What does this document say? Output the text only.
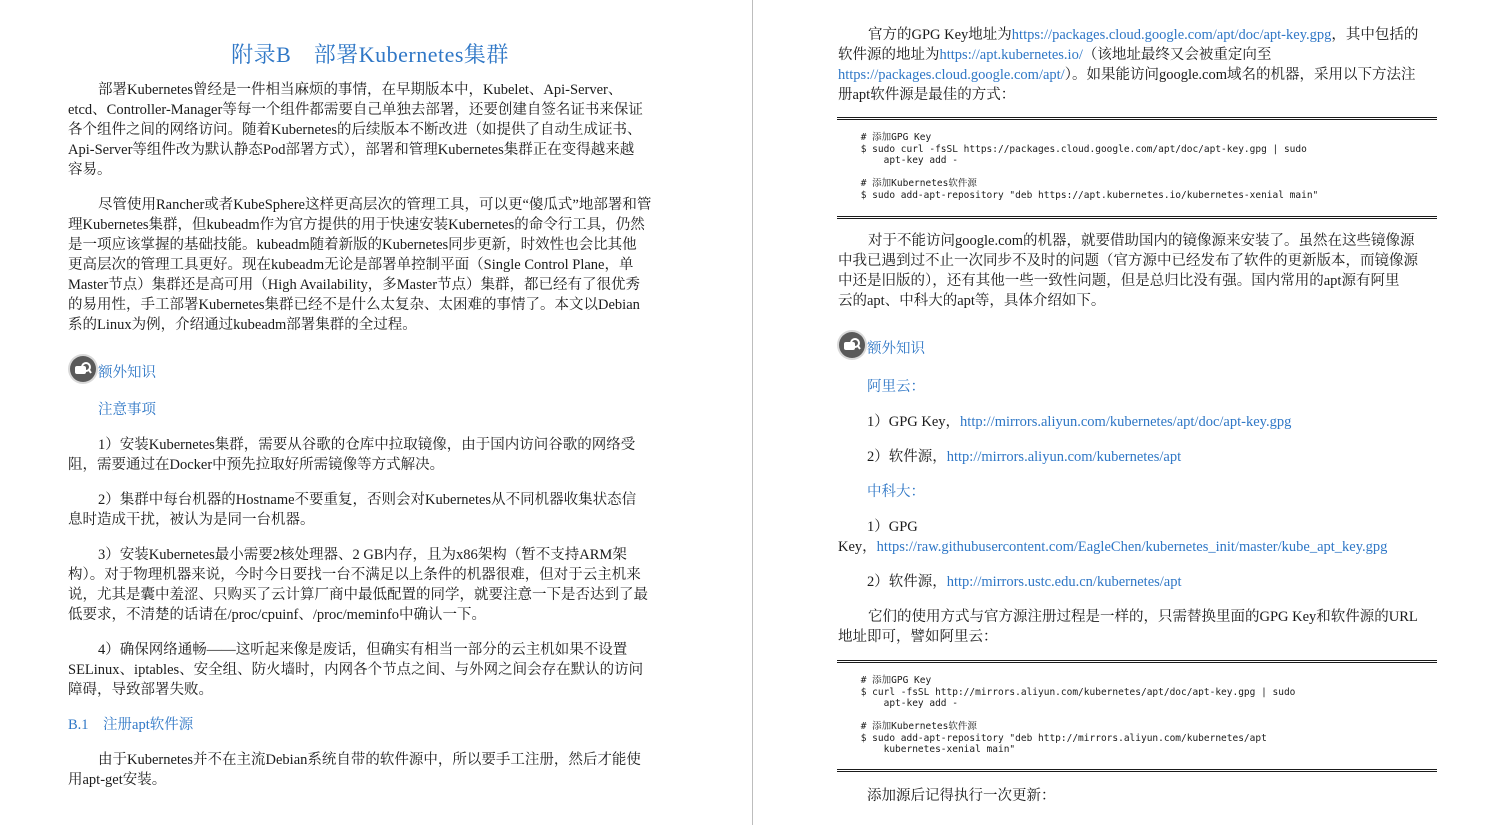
附录B　部署Kubernetes集群
部署Kubernetes曾经是一件相当麻烦的事情，在早期版本中，Kubelet、Api-Server、
etcd、Controller-Manager等每一个组件都需要自己单独去部署，还要创建自签名证书来保证
各个组件之间的网络访问。随着Kubernetes的后续版本不断改进（如提供了自动生成证书、
Api-Server等组件改为默认静态Pod部署方式），部署和管理Kubernetes集群正在变得越来越
容易。
尽管使用Rancher或者KubeSphere这样更高层次的管理工具，可以更“傻瓜式”地部署和管
理Kubernetes集群，但kubeadm作为官方提供的用于快速安装Kubernetes的命令行工具，仍然
是一项应该掌握的基础技能。kubeadm随着新版的Kubernetes同步更新，时效性也会比其他
更高层次的管理工具更好。现在kubeadm无论是部署单控制平面（Single Control Plane，单
Master节点）集群还是高可用（High Availability，多Master节点）集群，都已经有了很优秀
的易用性，手工部署Kubernetes集群已经不是什么太复杂、太困难的事情了。本文以Debian
系的Linux为例，介绍通过kubeadm部署集群的全过程。
额外知识
注意事项
1）安装Kubernetes集群，需要从谷歌的仓库中拉取镜像，由于国内访问谷歌的网络受
阻，需要通过在Docker中预先拉取好所需镜像等方式解决。
2）集群中每台机器的Hostname不要重复，否则会对Kubernetes从不同机器收集状态信
息时造成干扰，被认为是同一台机器。
3）安装Kubernetes最小需要2核处理器、2 GB内存，且为x86架构（暂不支持ARM架
构）。对于物理机器来说，今时今日要找一台不满足以上条件的机器很难，但对于云主机来
说，尤其是囊中羞涩、只购买了云计算厂商中最低配置的同学，就要注意一下是否达到了最
低要求，不清楚的话请在/proc/cpuinf、/proc/meminfo中确认一下。
4）确保网络通畅——这听起来像是废话，但确实有相当一部分的云主机如果不设置
SELinux、iptables、安全组、防火墙时，内网各个节点之间、与外网之间会存在默认的访问
障碍，导致部署失败。
B.1　注册apt软件源
由于Kubernetes并不在主流Debian系统自带的软件源中，所以要手工注册，然后才能使
用apt-get安装。
官方的GPG Key地址为https://packages.cloud.google.com/apt/doc/apt-key.gpg，其中包括的
软件源的地址为https://apt.kubernetes.io/（该地址最终又会被重定向至
https://packages.cloud.google.com/apt/）。如果能访问google.com域名的机器，采用以下方法注
册apt软件源是最佳的方式：
# 添加GPG Key
$ sudo curl -fsSL https://packages.cloud.google.com/apt/doc/apt-key.gpg | sudo
apt-key add -

# 添加Kubernetes软件源
$ sudo add-apt-repository "deb https://apt.kubernetes.io/kubernetes-xenial main"
对于不能访问google.com的机器，就要借助国内的镜像源来安装了。虽然在这些镜像源
中我已遇到过不止一次同步不及时的问题（官方源中已经发布了软件的更新版本，而镜像源
中还是旧版的），还有其他一些一致性问题，但是总归比没有强。国内常用的apt源有阿里
云的apt、中科大的apt等，具体介绍如下。
额外知识
阿里云：
1）GPG Key，http://mirrors.aliyun.com/kubernetes/apt/doc/apt-key.gpg
2）软件源，http://mirrors.aliyun.com/kubernetes/apt
中科大：
1）GPG
Key，https://raw.githubusercontent.com/EagleChen/kubernetes_init/master/kube_apt_key.gpg
2）软件源，http://mirrors.ustc.edu.cn/kubernetes/apt
它们的使用方式与官方源注册过程是一样的，只需替换里面的GPG Key和软件源的URL
地址即可，譬如阿里云：
# 添加GPG Key
$ curl -fsSL http://mirrors.aliyun.com/kubernetes/apt/doc/apt-key.gpg | sudo
apt-key add -

# 添加Kubernetes软件源
$ sudo add-apt-repository "deb http://mirrors.aliyun.com/kubernetes/apt
kubernetes-xenial main"
添加源后记得执行一次更新：
